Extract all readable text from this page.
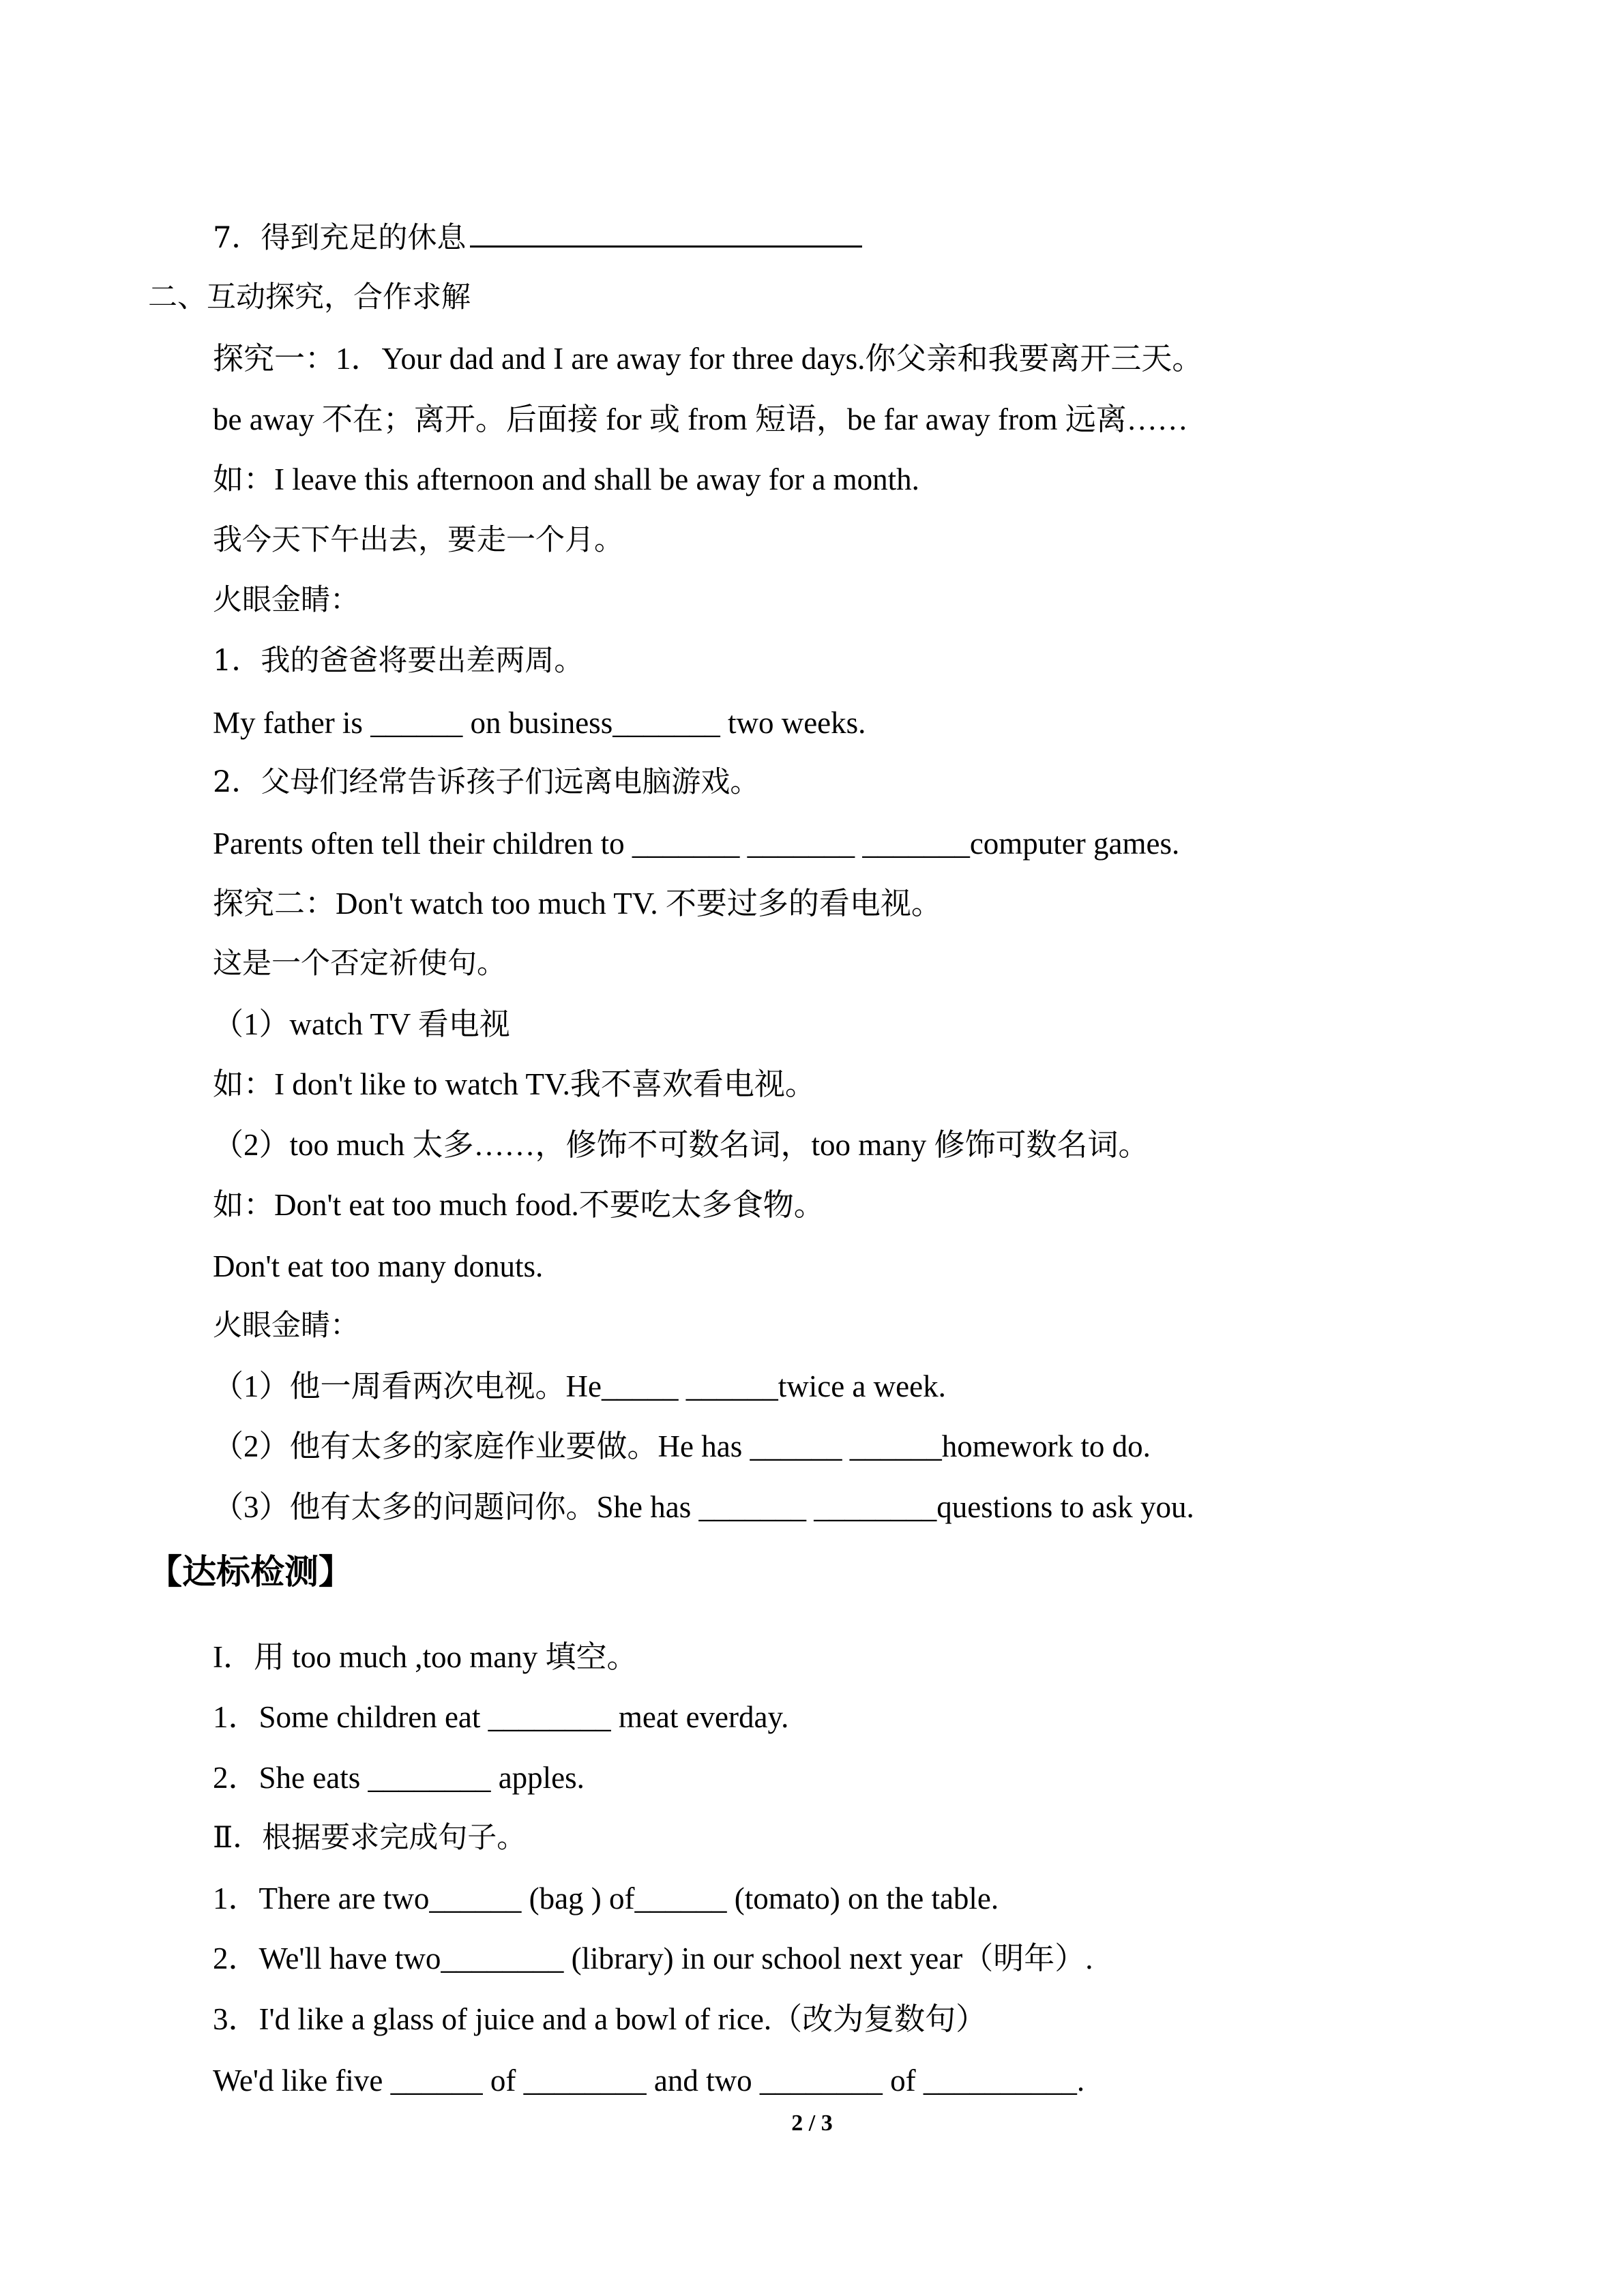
7．得到充足的休息
二、互动探究，合作求解
探究一：1．Your dad and I are away for three days.你父亲和我要离开三天。
be away 不在；离开。后面接 for 或 from 短语，be far away from 远离……
如：I leave this afternoon and shall be away for a month.
我今天下午出去，要走一个月。
火眼金睛：
1．我的爸爸将要出差两周。
My father is ______ on business_______ two weeks.
2．父母们经常告诉孩子们远离电脑游戏。
Parents often tell their children to _______ _______ _______computer games.
探究二：Don't watch too much TV. 不要过多的看电视。
这是一个否定祈使句。
（1）watch TV 看电视
如：I don't like to watch TV.我不喜欢看电视。
（2）too much 太多……，修饰不可数名词，too many 修饰可数名词。
如：Don't eat too much food.不要吃太多食物。
Don't eat too many donuts.
火眼金睛：
（1）他一周看两次电视。He_____ ______twice a week.
（2）他有太多的家庭作业要做。He has ______ ______homework to do.
（3）他有太多的问题问你。She has _______ ________questions to ask you.
【达标检测】
I．用 too much ,too many 填空。
1．Some children eat ________ meat everday.
2．She eats ________ apples.
Ⅱ．根据要求完成句子。
1．There are two______ (bag ) of______ (tomato) on the table.
2．We'll have two________ (library) in our school next year（明年）.
3．I'd like a glass of juice and a bowl of rice.（改为复数句）
We'd like five ______ of ________ and two ________ of __________.
2 / 3
